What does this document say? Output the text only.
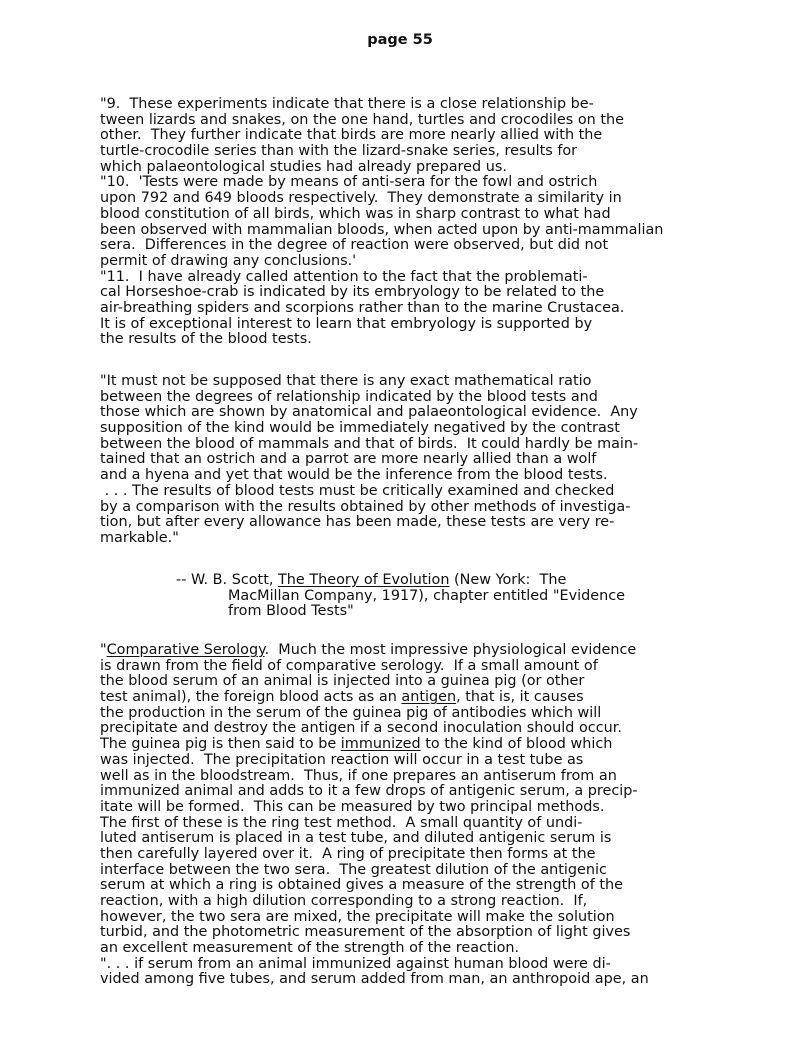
page 55
"9.  These experiments indicate that there is a close relationship be-
tween lizards and snakes, on the one hand, turtles and crocodiles on the
other.  They further indicate that birds are more nearly allied with the
turtle-crocodile series than with the lizard-snake series, results for
which palaeontological studies had already prepared us.
"10.  'Tests were made by means of anti-sera for the fowl and ostrich
upon 792 and 649 bloods respectively.  They demonstrate a similarity in
blood constitution of all birds, which was in sharp contrast to what had
been observed with mammalian bloods, when acted upon by anti-mammalian
sera.  Differences in the degree of reaction were observed, but did not
permit of drawing any conclusions.'
"11.  I have already called attention to the fact that the problemati-
cal Horseshoe-crab is indicated by its embryology to be related to the
air-breathing spiders and scorpions rather than to the marine Crustacea.
It is of exceptional interest to learn that embryology is supported by
the results of the blood tests.
"It must not be supposed that there is any exact mathematical ratio
between the degrees of relationship indicated by the blood tests and
those which are shown by anatomical and palaeontological evidence.  Any
supposition of the kind would be immediately negatived by the contrast
between the blood of mammals and that of birds.  It could hardly be main-
tained that an ostrich and a parrot are more nearly allied than a wolf
and a hyena and yet that would be the inference from the blood tests.
. . . The results of blood tests must be critically examined and checked
by a comparison with the results obtained by other methods of investiga-
tion, but after every allowance has been made, these tests are very re-
markable."
-- W. B. Scott, The Theory of Evolution (New York:  The
MacMillan Company, 1917), chapter entitled "Evidence
from Blood Tests"
"Comparative Serology.  Much the most impressive physiological evidence
is drawn from the field of comparative serology.  If a small amount of
the blood serum of an animal is injected into a guinea pig (or other
test animal), the foreign blood acts as an antigen, that is, it causes
the production in the serum of the guinea pig of antibodies which will
precipitate and destroy the antigen if a second inoculation should occur.
The guinea pig is then said to be immunized to the kind of blood which
was injected.  The precipitation reaction will occur in a test tube as
well as in the bloodstream.  Thus, if one prepares an antiserum from an
immunized animal and adds to it a few drops of antigenic serum, a precip-
itate will be formed.  This can be measured by two principal methods.
The first of these is the ring test method.  A small quantity of undi-
luted antiserum is placed in a test tube, and diluted antigenic serum is
then carefully layered over it.  A ring of precipitate then forms at the
interface between the two sera.  The greatest dilution of the antigenic
serum at which a ring is obtained gives a measure of the strength of the
reaction, with a high dilution corresponding to a strong reaction.  If,
however, the two sera are mixed, the precipitate will make the solution
turbid, and the photometric measurement of the absorption of light gives
an excellent measurement of the strength of the reaction.
". . . if serum from an animal immunized against human blood were di-
vided among five tubes, and serum added from man, an anthropoid ape, an
